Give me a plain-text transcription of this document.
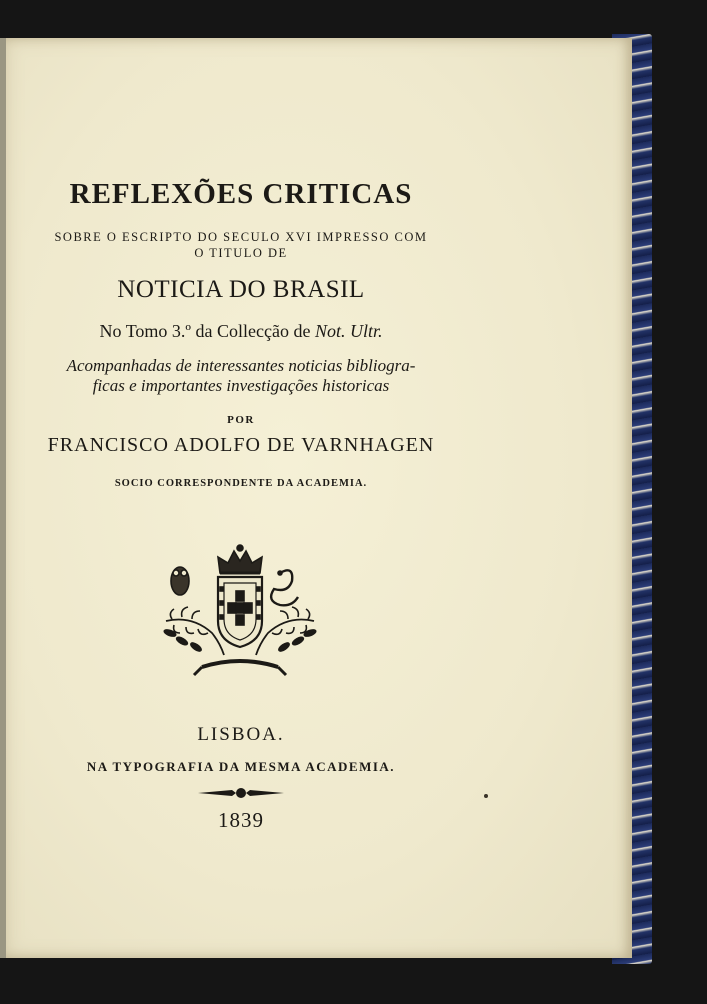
REFLEXÕES CRITICAS
SOBRE O ESCRIPTO DO SECULO XVI IMPRESSO COM
O TITULO DE
NOTICIA DO BRASIL
No Tomo 3.º da Collecção de Not. Ultr.
Acompanhadas de interessantes noticias bibliogra-
ficas e importantes investigações historicas
POR
FRANCISCO ADOLFO DE VARNHAGEN
SOCIO CORRESPONDENTE DA ACADEMIA.
LISBOA.
NA TYPOGRAFIA DA MESMA ACADEMIA.
1839
